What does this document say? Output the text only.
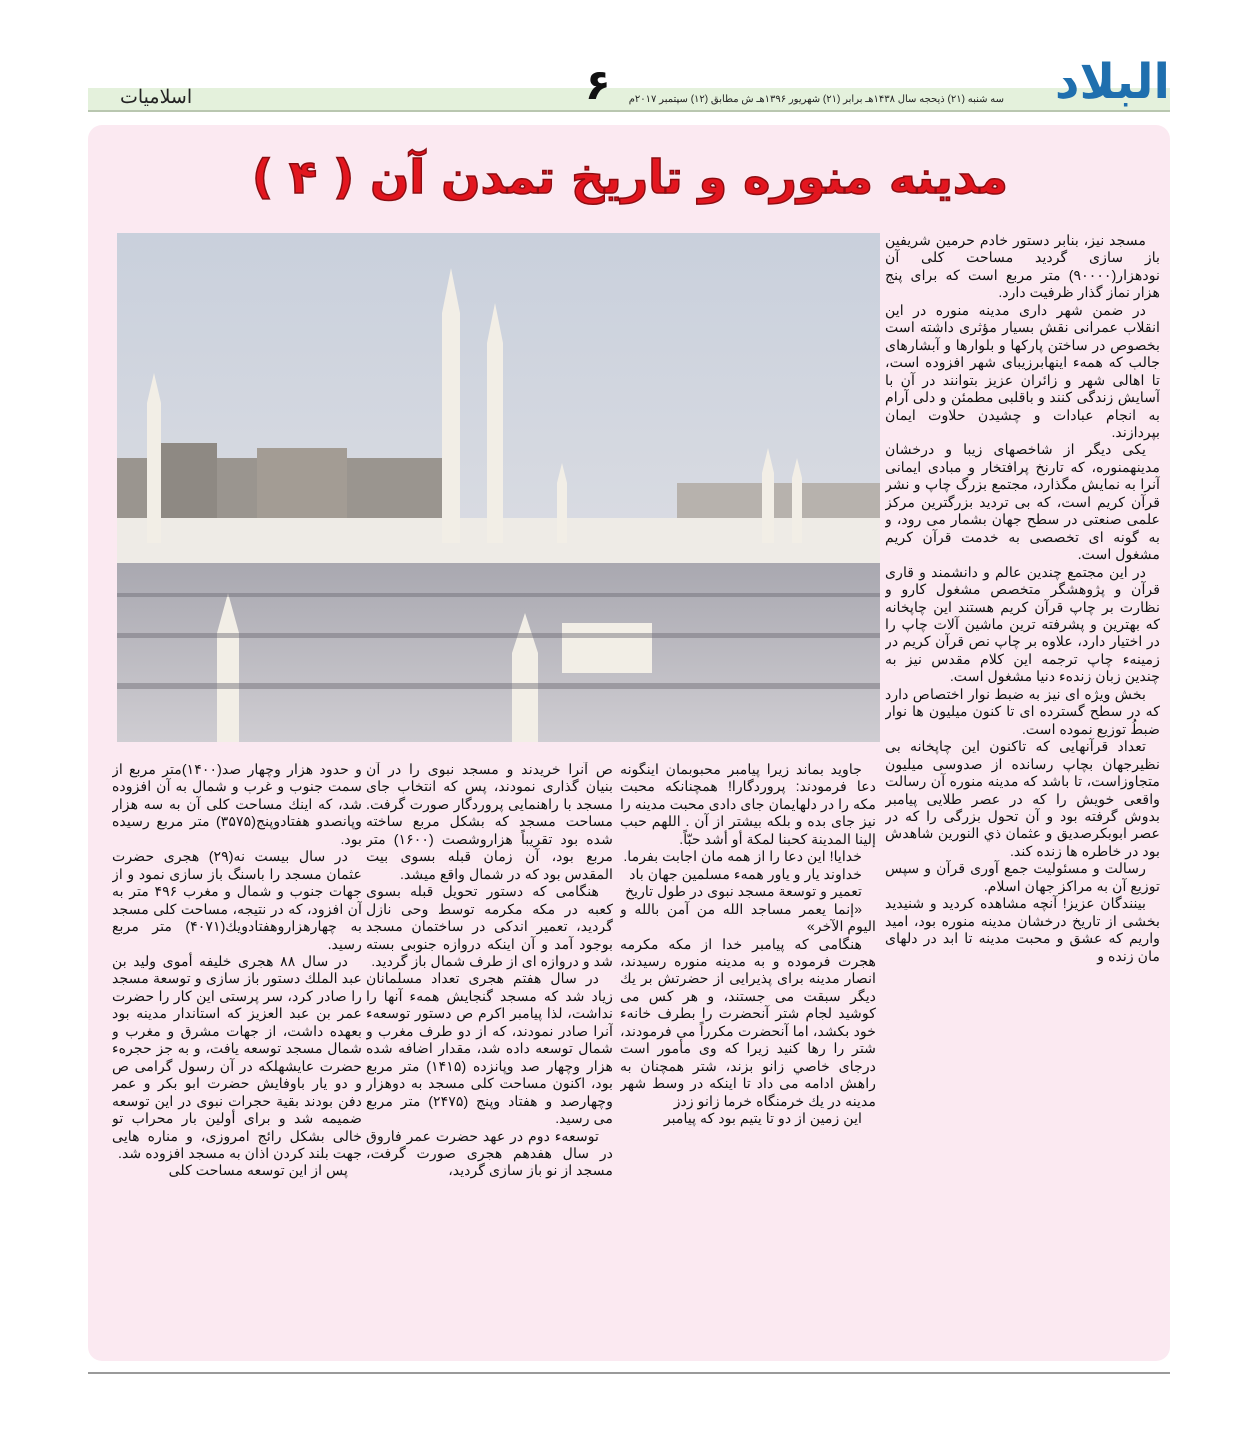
البلاد
سه شنبه (۲۱) ذیحجه سال ۱۴۳۸هـ برابر (۲۱) شهریور ۱۳۹۶هـ ش مطابق (۱۲) سپتمبر ۲۰۱۷م
۶
اسلامیات
مدینه منوره و تاریخ تمدن آن ( ۴ )

مسجد نیز، بنابر دستور خادم حرمین شریفین باز سازی گردید مساحت کلی آن نودهزار(۹۰۰۰۰) متر مربع است که برای پنج هزار نماز گذار ظرفیت دارد.

در ضمن شهر داری مدینه منوره در این انقلاب عمرانی نقش بسیار مؤثری داشته است بخصوص در ساختن پارکها و بلوارها و آبشارهای جالب که همهء اینهابرزیبای شهر افزوده است، تا اهالی شهر و زائران عزیز بتوانند در آن با آسایش زندگی کنند و باقلبی مطمئن و دلی آرام به انجام عبادات و چشیدن حلاوت ایمان بپردازند.

یکی دیگر از شاخصهای زیبا و درخشان مدینهمنوره، که تارنخ پرافتخار و مبادی ایمانی آنرا به نمایش مگذارد، مجتمع بزرگ چاپ و نشر قرآن کریم است، که بی تردید بزرگترین مرکز علمی صنعتی در سطح جهان بشمار می رود، و به گونه ای تخصصی به خدمت قرآن کریم مشغول است.

در این مجتمع چندین عالم و دانشمند و قاری قرآن و پژوهشگر متخصص مشغول کارو و نظارت بر چاپ قرآن کریم هستند این چاپخانه که بهترین و پشرفته ترین ماشین آلات چاپ را در اختیار دارد، علاوه بر چاپ نص قرآن کریم در زمینهء چاپ ترجمه این کلام مقدس نیز به چندین زبان زندهء دنیا مشغول است.

بخش ویژه ای نیز به ضبط نوار اختصاص دارد که در سطح گسترده ای تا کنون میلیون ها نوار ضبطُ توزیع نموده است.

تعداد قرآنهایی که تاکنون این چاپخانه بی نظیرجهان بچاپ رسانده از صدوسی میلیون متجاوزاست، تا باشد که مدینه منوره آن رسالت واقعی خویش را که در عصر طلایی پیامبر بدوش گرفته بود و آن تحول بزرگی را که در عصر ابوبکرصدیق و عثمان ذي النورين شاهدش بود در خاطره ها زنده کند.

رسالت و مسئولیت جمع آوری قرآن و سپس توزیع آن به مراکز جهان اسلام.

بینندگان عزیز! آنچه مشاهده کردید و شنیدید بخشی از تاریخ درخشان مدینه منوره بود، امید واریم که عشق و محبت مدینه تا ابد در دلهای مان زنده و

جاوید بماند زیرا پیامبر محبوبمان اینگونه دعا فرمودند: پروردگارا! همچنانکه محبت مکه را در دلهایمان جای دادی محبت مدینه را نیز جای بده و بلکه بیشتر از آن . اللهم حبب إلينا المدينة كحبنا لمكة أو أشد حبّاً.

خدایا! این دعا را از همه مان اجابت بفرما.

خداوند یار و یاور همهء مسلمین جهان باد

تعمیر و توسعة مسجد نبوی در طول تاریخ

«إنما يعمر مساجد الله من آمن بالله و اليوم الآخر»

هنگامی که پیامبر خدا از مکه مکرمه هجرت فرموده و به مدینه منوره رسیدند، انصار مدینه برای پذیرایی از حضرتش بر يك دیگر سبقت می جستند، و هر کس می کوشید لجام شتر آنحضرت را بطرف خانهء خود بکشد، اما آنحضرت مکرراً می فرمودند، شتر را رها کنید زیرا که وی مأمور است درجای خاصي زانو بزند، شتر همچنان به راهش ادامه می داد تا اینکه در وسط شهر مدینه در يك خرمنگاه خرما زانو زدز

این زمین از دو تا یتیم بود که پیامبر

ص آنرا خریدند و مسجد نبوی را در آن بنیان گذاری نمودند، پس که انتخاب جای مسجد با راهنمایی پروردگار صورت گرفت. مساحت مسجد که بشکل مربع ساخته شده بود تقریباً هزاروشصت (۱۶۰۰) متر مربع بود، آن زمان قبله بسوی بیت المقدس بود که در شمال واقع میشد.

هنگامی که دستور تحویل قبله بسوی کعبه در مکه مکرمه توسط وحی نازل گردید، تعمیر اندکی در ساختمان مسجد بوجود آمد و آن اینکه دروازه جنوبی بسته شد و دروازه ای از طرف شمال باز گردید.

در سال هفتم هجری تعداد مسلمانان زیاد شد که مسجد گنجایش همهء آنها را نداشت، لذا پیامبر اکرم ص دستور توسعهء آنرا صادر نمودند، که از دو طرف مغرب و شمال توسعه داده شد، مقدار اضافه شده هزار وچهار صد وپانزده (۱۴۱۵) متر مربع بود، اکنون مساحت کلی مسجد به دوهزار وچهارصد و هفتاد وپنج (۲۴۷۵) متر مربع می رسید.

توسعهء دوم در عهد حضرت عمر فاروق در سال هفدهم هجری صورت گرفت، مسجد از نو باز سازی گردید،

و حدود هزار وچهار صد(۱۴۰۰)متر مربع از سمت جنوب و غرب و شمال به آن افزوده شد، که اینك مساحت کلی آن به سه هزار وپانصدو هفتادوپنج(۳۵۷۵) متر مربع رسیده بود.

در سال بیست نه(۲۹) هجری حضرت عثمان مسجد را باسنگ باز سازی نمود و از جهات جنوب و شمال و مغرب ۴۹۶ متر به آن افزود، که در نتیجه، مساحت کلی مسجد به چهارهزاروهفتادويك(۴۰۷۱) متر مربع رسید.

در سال ۸۸ هجری خلیفه أموی ولید بن عبد الملك دستور باز سازی و توسعة مسجد را صادر کرد، سر پرستی این کار را حضرت عمر بن عبد العزيز که استاندار مدینه بود بعهده داشت، از جهات مشرق و مغرب و شمال مسجد توسعه یافت، و به جز حجرهء حضرت عایشهلکه در آن رسول گرامی ص و دو یار باوفایش حضرت ابو بکر و عمر دفن بودند بقیة حجرات نبوی در این توسعه ضمیمه شد و برای أولین بار محراب تو خالی بشکل رائج امروزی، و مناره هایی جهت بلند کردن اذان به مسجد افزوده شد.

پس از این توسعه مساحت کلی
